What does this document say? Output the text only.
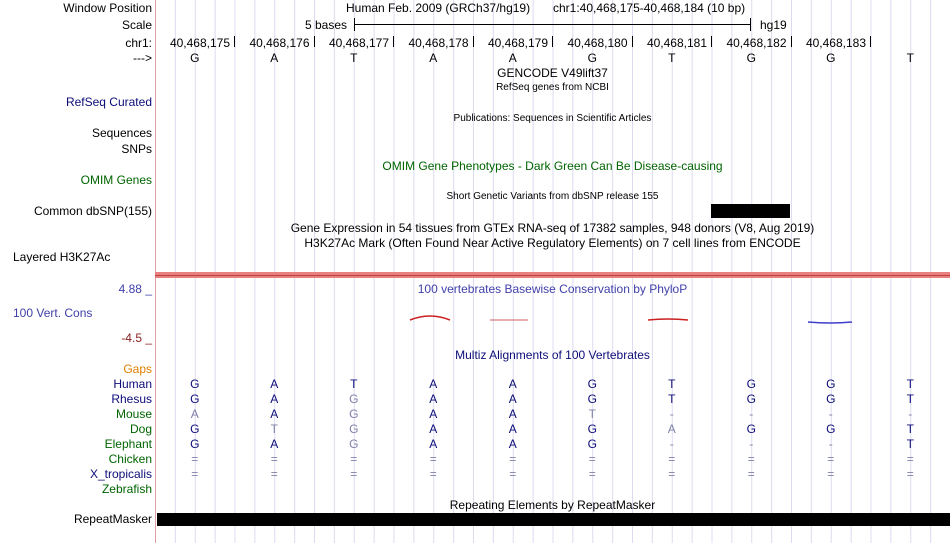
Window Position	Human Feb. 2009 (GRCh37/hg19) chr1:40,468,175-40,468,184 (10 bp)
Scale	5 bases	hg19
chr1: 40,468,175 40,468,176 40,468,177 40,468,178 40,468,179 40,468,180 40,468,181 40,468,182 40,468,183
--->	G	A	T	A	A	G	T	G	G	T
GENCODE V49lift37
RefSeq genes from NCBI
RefSeq Curated
Publications: Sequences in Scientific Articles
Sequences
SNPs
OMIM Gene Phenotypes - Dark Green Can Be Disease-causing
OMIM Genes
Short Genetic Variants from dbSNP release 155
Common dbSNP(155)
Gene Expression in 54 tissues from GTEx RNA-seq of 17382 samples, 948 donors (V8, Aug 2019)
H3K27Ac Mark (Often Found Near Active Regulatory Elements) on 7 cell lines from ENCODE
Layered H3K27Ac
100 vertebrates Basewise Conservation by PhyloP
4.88 _
100 Vert. Cons
-4.5 _
Multiz Alignments of 100 Vertebrates
Gaps
Human	G	A	T	A	A	G	T	G	G	T
Rhesus	G	A	G	A	A	G	T	G	G	T
Mouse	A	A	G	A	A	T	-	-	-	-
Dog	G	T	G	A	A	G	A	G	G	T
Elephant	G	A	G	A	A	G	-	-	-	T
Chicken	=	=	=	=	=	=	=	=	=	=
X_tropicalis	=	=	=	=	=	=	=	=	=	=
Zebrafish
Repeating Elements by RepeatMasker
RepeatMasker
